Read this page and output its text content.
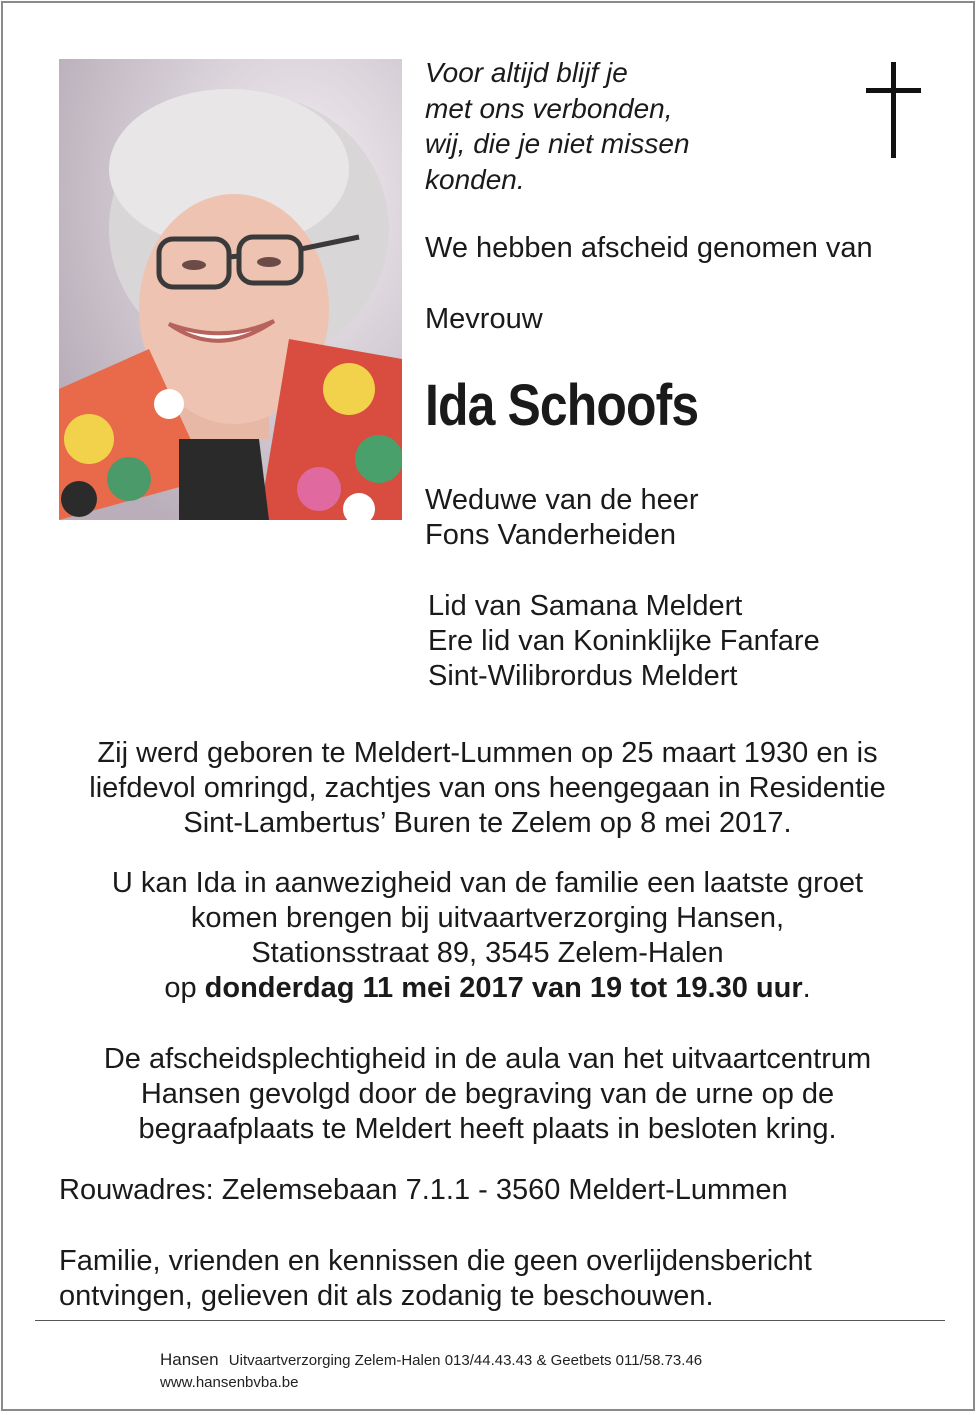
Voor altijd blijf je
met ons verbonden,
wij, die je niet missen
konden.
We hebben afscheid genomen van
Mevrouw
Ida Schoofs
Weduwe van de heer
Fons Vanderheiden
Lid van Samana Meldert
Ere lid van Koninklijke Fanfare
Sint-Wilibrordus Meldert
Zij werd geboren te Meldert-Lummen op 25 maart 1930 en is
liefdevol omringd, zachtjes van ons heengegaan in Residentie
Sint-Lambertus’ Buren te Zelem op 8 mei 2017.
U kan Ida in aanwezigheid van de familie een laatste groet
komen brengen bij uitvaartverzorging Hansen,
Stationsstraat 89, 3545 Zelem-Halen
op donderdag 11 mei 2017 van 19 tot 19.30 uur.
De afscheidsplechtigheid in de aula van het uitvaartcentrum
Hansen gevolgd door de begraving van de urne op de
begraafplaats te Meldert heeft plaats in besloten kring.
Rouwadres: Zelemsebaan 7.1.1 - 3560 Meldert-Lummen
Familie, vrienden en kennissen die geen overlijdensbericht
ontvingen, gelieven dit als zodanig te beschouwen.
Hansen Uitvaartverzorging Zelem-Halen 013/44.43.43 & Geetbets 011/58.73.46
www.hansenbvba.be
